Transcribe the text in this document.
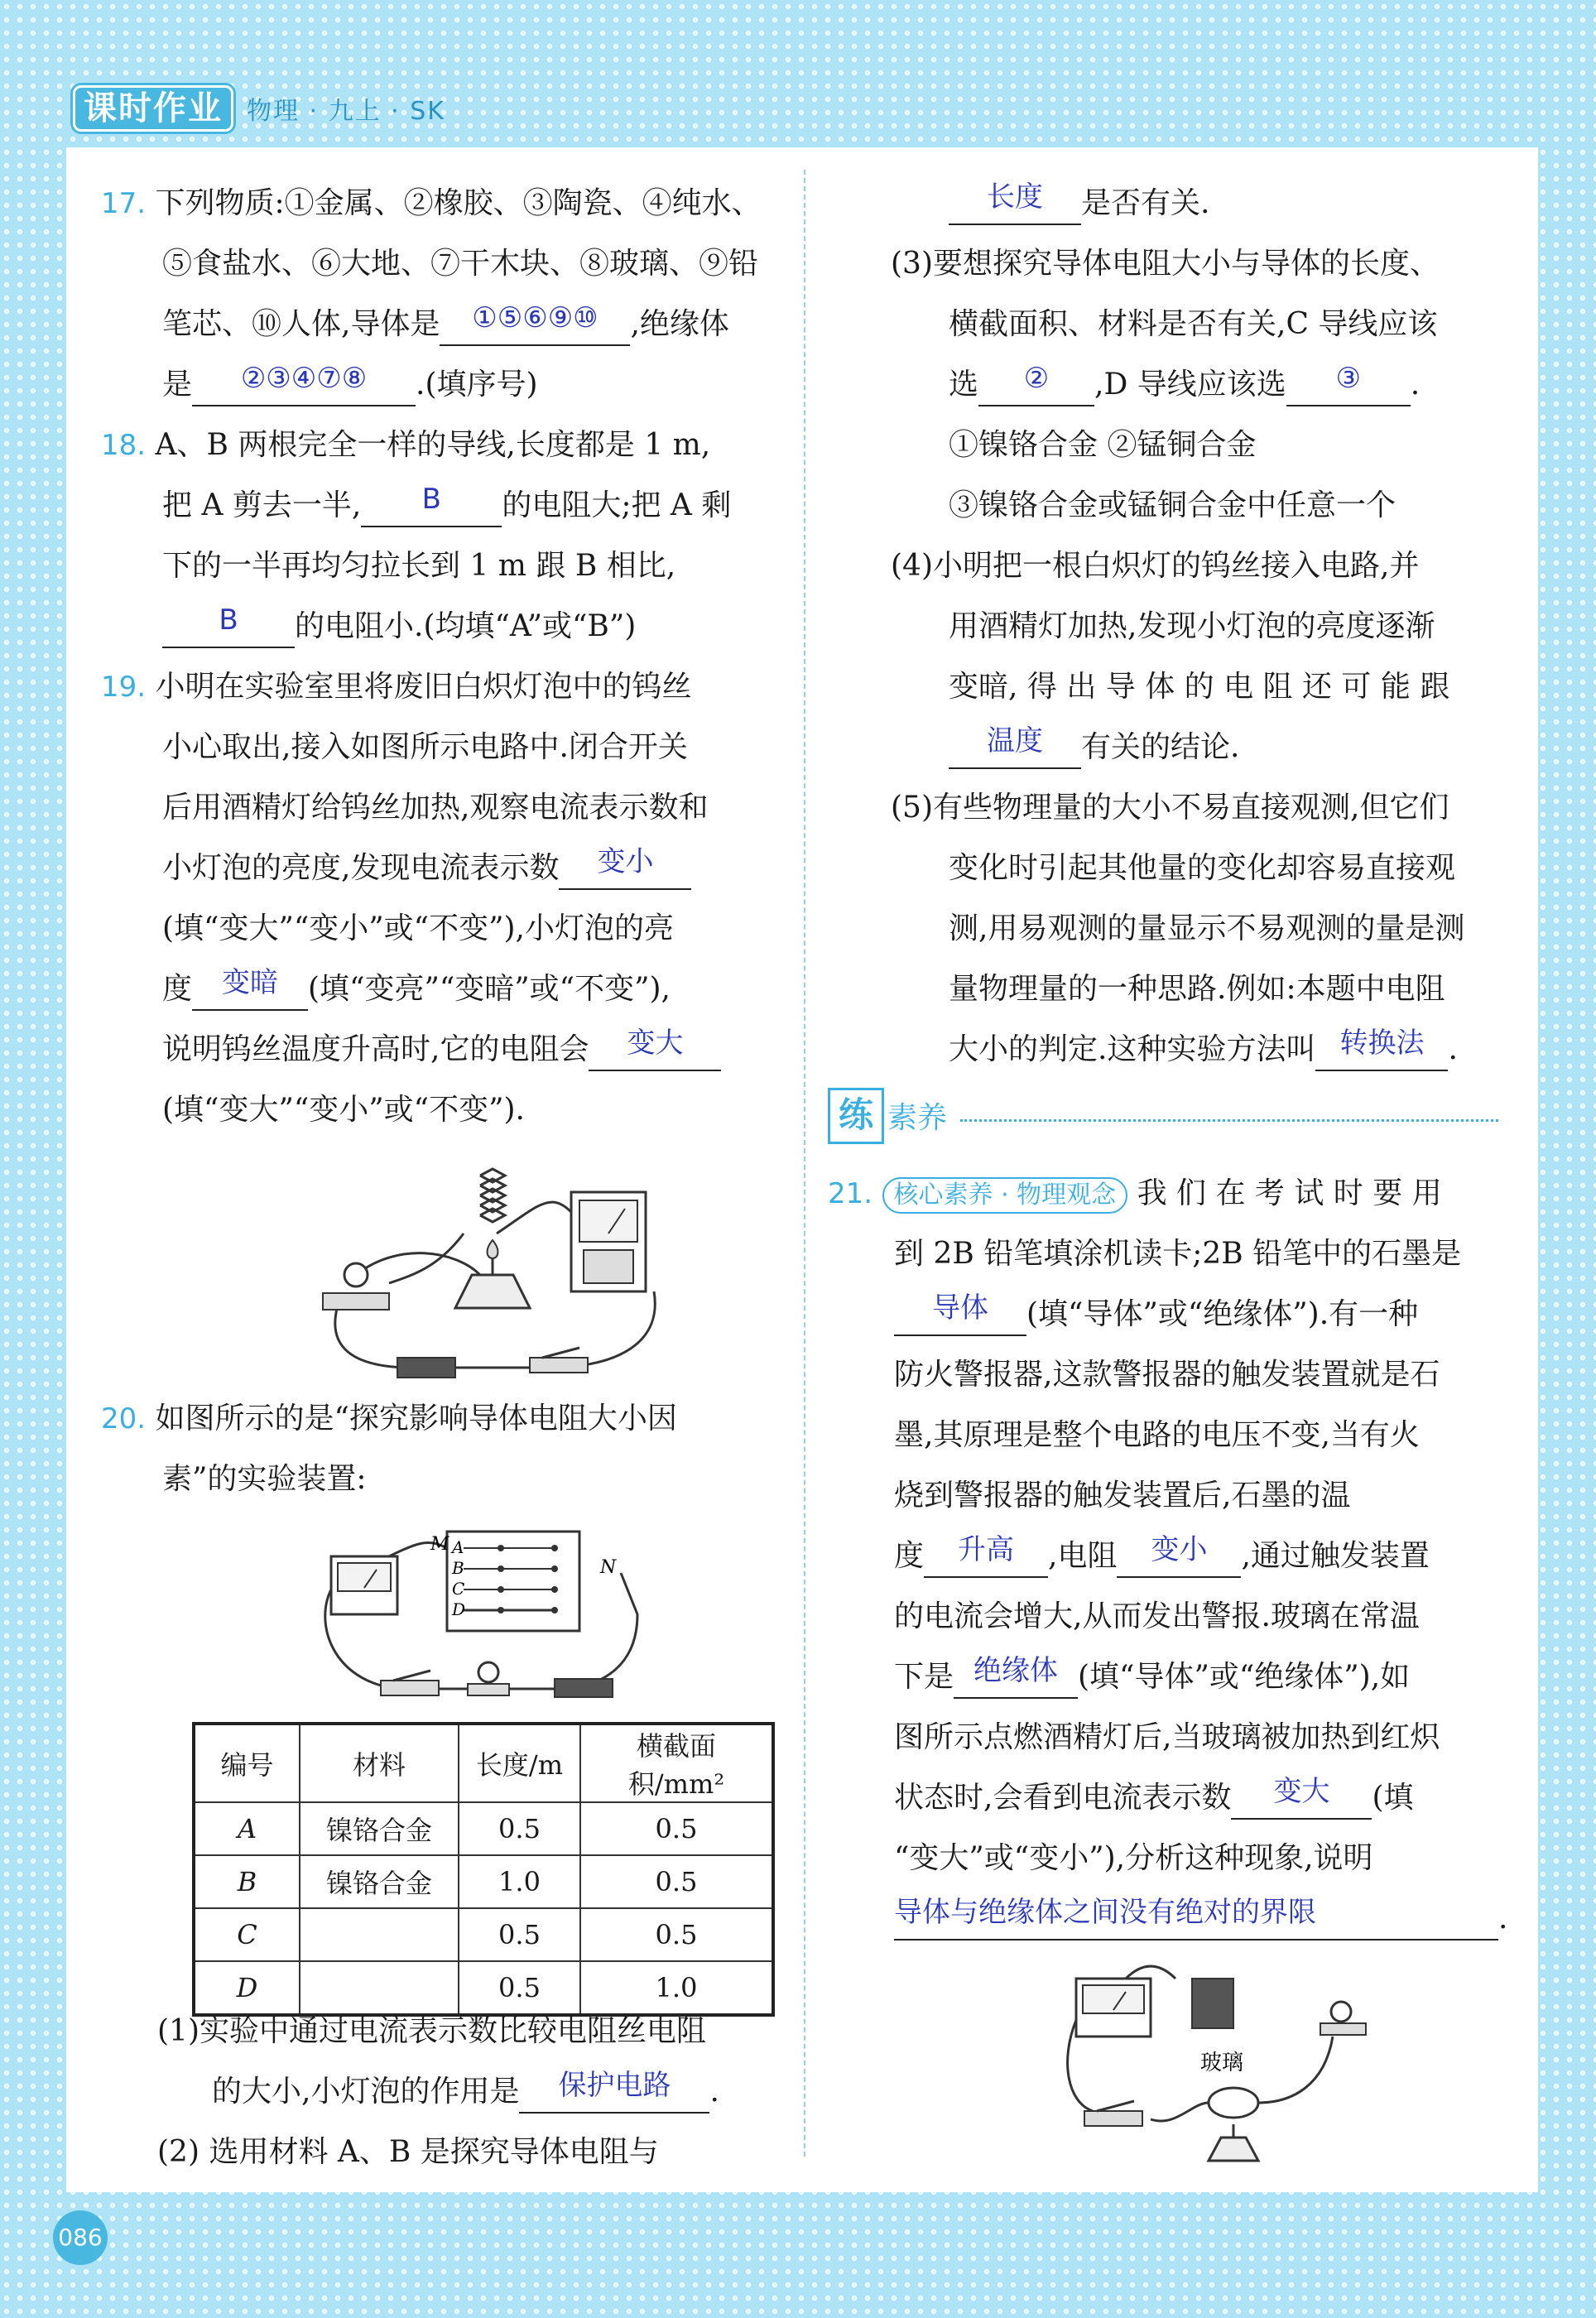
课时作业 物理 · 九上 · SK
17. 下列物质:①金属、②橡胶、③陶瓷、④纯水、
⑤食盐水、⑥大地、⑦干木块、⑧玻璃、⑨铅
笔芯、⑩人体,导体是 ①⑤⑥⑨⑩ ,绝缘体
是 ②③④⑦⑧ .(填序号)
18. A、B 两根完全一样的导线,长度都是 1 m,
把 A 剪去一半, B 的电阻大;把 A 剩
下的一半再均匀拉长到 1 m 跟 B 相比,
B 的电阻小.(均填“A”或“B”)
19. 小明在实验室里将废旧白炽灯泡中的钨丝
小心取出,接入如图所示电路中.闭合开关
后用酒精灯给钨丝加热,观察电流表示数和
小灯泡的亮度,发现电流表示数 变小
(填“变大”“变小”或“不变”),小灯泡的亮
度 变暗 (填“变亮”“变暗”或“不变”),
说明钨丝温度升高时,它的电阻会 变大
(填“变大”“变小”或“不变”).
20. 如图所示的是“探究影响导体电阻大小因
素”的实验装置:
M A
B
C
D
N
编号	材料	长度/m	横截面积/mm²
A	镍铬合金	0.5	0.5
B	镍铬合金	1.0	0.5
C		0.5	0.5
D		0.5	1.0
(1)实验中通过电流表示数比较电阻丝电阻
的大小,小灯泡的作用是 保护电路 .
(2) 选用材料 A、B 是探究导体电阻与
长度 是否有关.
(3)要想探究导体电阻大小与导体的长度、
横截面积、材料是否有关,C 导线应该
选 ② ,D 导线应该选 ③ .
①镍铬合金 ②锰铜合金
③镍铬合金或锰铜合金中任意一个
(4)小明把一根白炽灯的钨丝接入电路,并
用酒精灯加热,发现小灯泡的亮度逐渐
变暗, 得 出 导 体 的 电 阻 还 可 能 跟
温度 有关的结论.
(5)有些物理量的大小不易直接观测,但它们
变化时引起其他量的变化却容易直接观
测,用易观测的量显示不易观测的量是测
量物理量的一种思路.例如:本题中电阻
大小的判定.这种实验方法叫 转换法 .
练 素养
21. 核心素养 · 物理观念 我 们 在 考 试 时 要 用
到 2B 铅笔填涂机读卡;2B 铅笔中的石墨是
导体 (填“导体”或“绝缘体”).有一种
防火警报器,这款警报器的触发装置就是石
墨,其原理是整个电路的电压不变,当有火
烧到警报器的触发装置后,石墨的温
度 升高 ,电阻 变小 ,通过触发装置
的电流会增大,从而发出警报.玻璃在常温
下是 绝缘体 (填“导体”或“绝缘体”),如
图所示点燃酒精灯后,当玻璃被加热到红炽
状态时,会看到电流表示数 变大 (填
“变大”或“变小”),分析这种现象,说明
导体与绝缘体之间没有绝对的界限	.
玻璃
086
